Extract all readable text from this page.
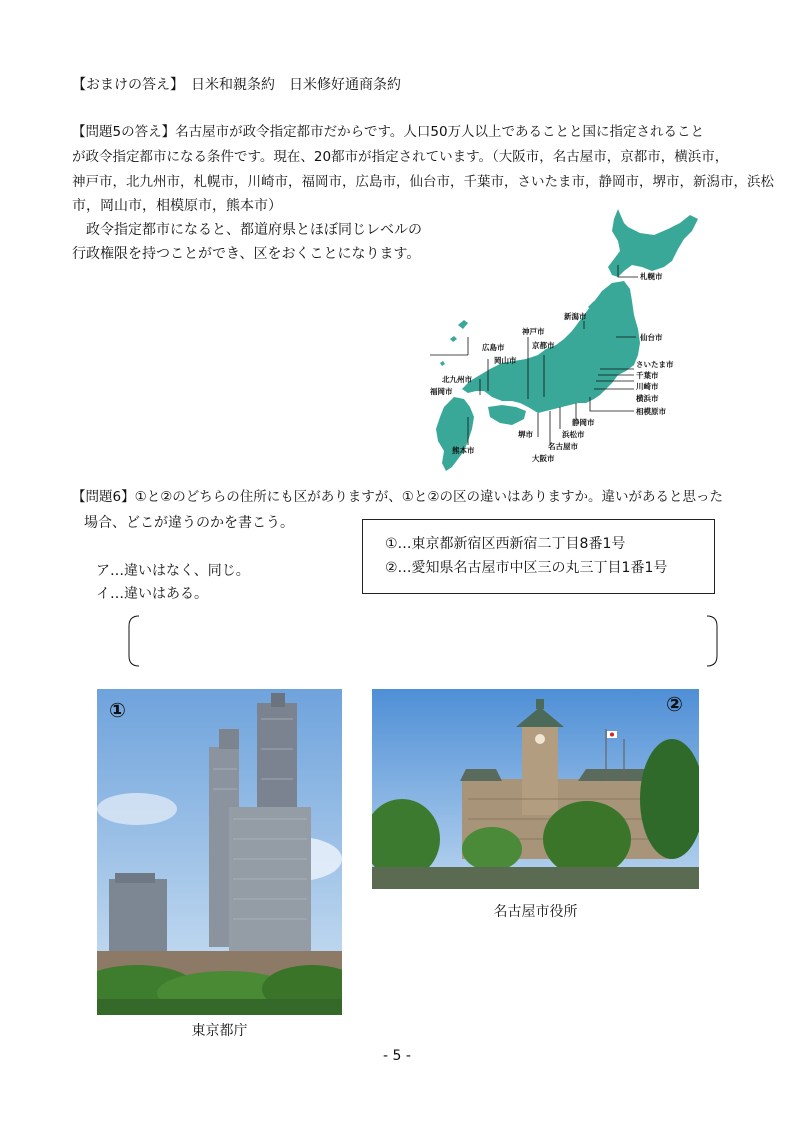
【おまけの答え】　日米和親条約　日米修好通商条約
【問題5の答え】名古屋市が政令指定都市だからです。人口50万人以上であることと国に指定されること
が政令指定都市になる条件です。現在、20都市が指定されています。（大阪市，名古屋市，京都市，横浜市，
神戸市，北九州市，札幌市，川崎市，福岡市，広島市，仙台市，千葉市，さいたま市，静岡市，堺市，新潟市，浜松
市，岡山市，相模原市，熊本市）
　政令指定都市になると、都道府県とほぼ同じレベルの
行政権限を持つことができ、区をおくことになります。
札幌市
新潟市
仙台市
神戸市
京都市
広島市
岡山市	さいたま市
千葉市
川崎市
北九州市
福岡市
横浜市
相模原市
静岡市
浜松市
堺市
名古屋市
熊本市
大阪市
【問題6】①と②のどちらの住所にも区がありますが、①と②の区の違いはありますか。違いがあると思った
場合、どこが違うのかを書こう。
①…東京都新宿区西新宿二丁目8番1号
②…愛知県名古屋市中区三の丸三丁目1番1号
ア…違いはなく、同じ。
イ…違いはある。
①
東京都庁
②
名古屋市役所
- 5 -
